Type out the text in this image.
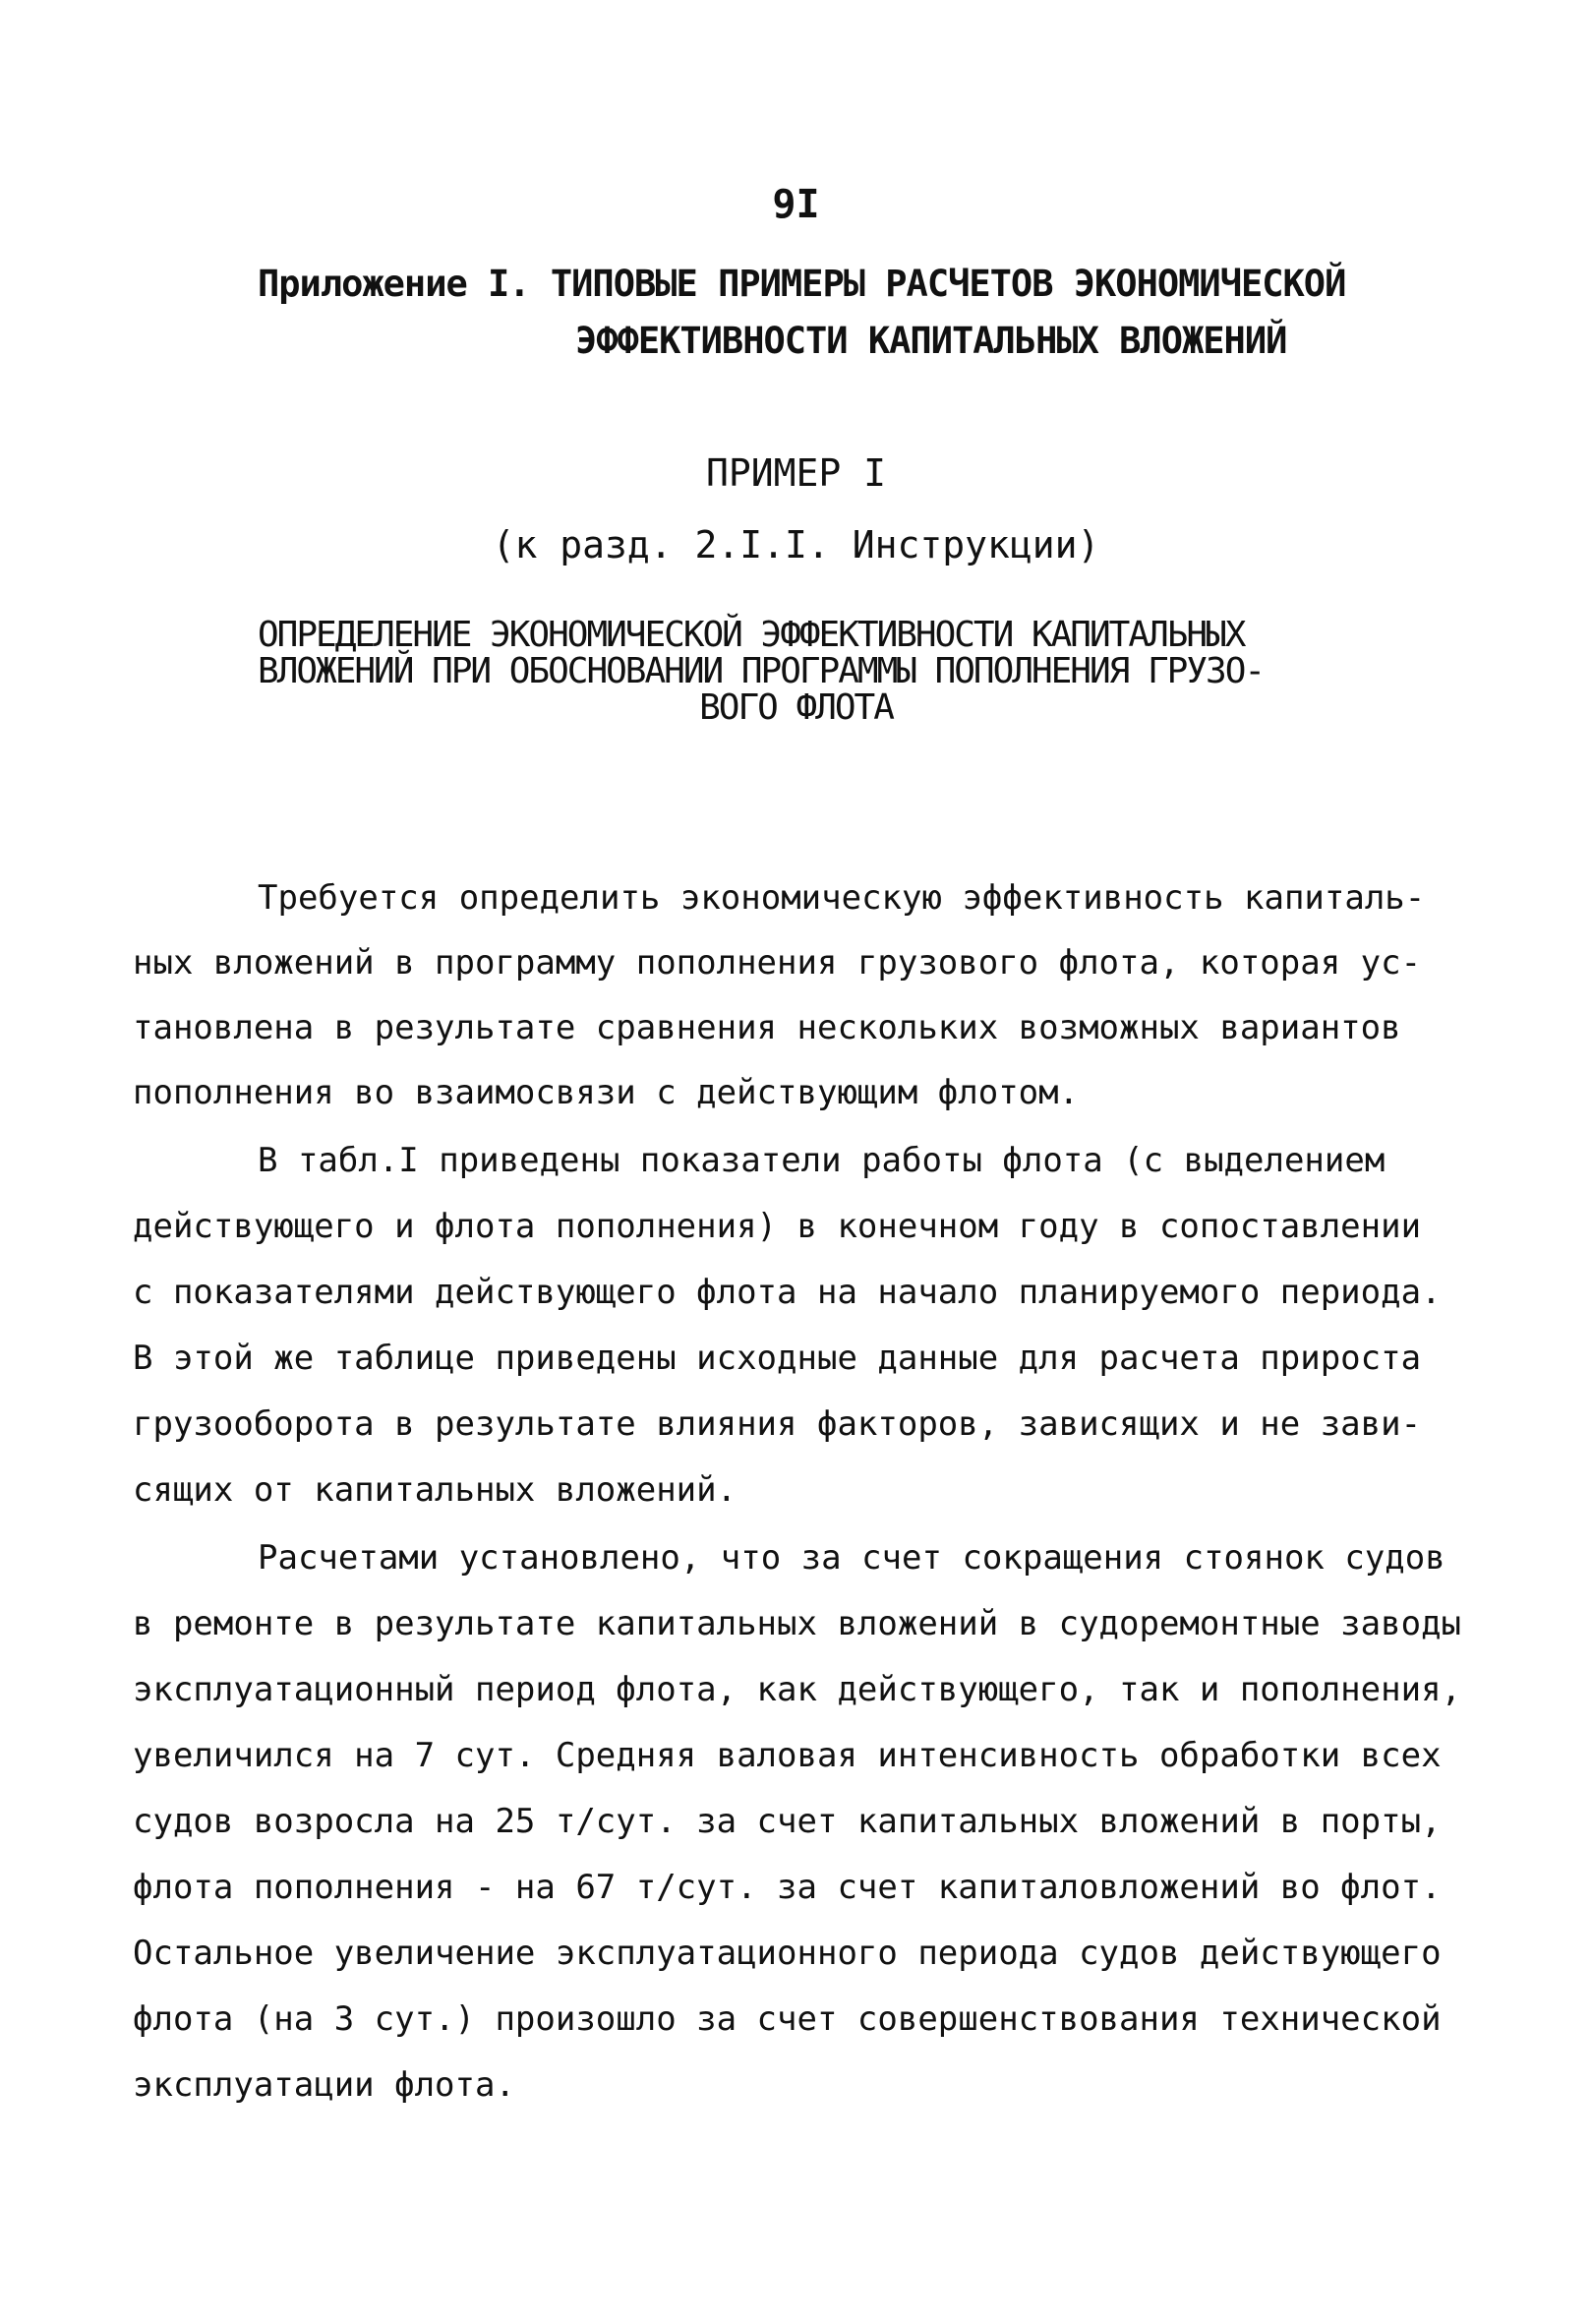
9I

Приложение I. ТИПОВЫЕ ПРИМЕРЫ РАСЧЕТОВ ЭКОНОМИЧЕСКОЙ

ЭФФЕКТИВНОСТИ КАПИТАЛЬНЫХ ВЛОЖЕНИЙ

ПРИМЕР I

(к разд. 2.I.I. Инструкции)

ОПРЕДЕЛЕНИЕ ЭКОНОМИЧЕСКОЙ ЭФФЕКТИВНОСТИ КАПИТАЛЬНЫХ

ВЛОЖЕНИЙ ПРИ ОБОСНОВАНИИ ПРОГРАММЫ ПОПОЛНЕНИЯ ГРУЗО-

ВОГО ФЛОТА

Требуется определить экономическую эффективность капиталь-

ных вложений в программу пополнения грузового флота, которая ус-

тановлена в результате сравнения нескольких возможных вариантов

пополнения во взаимосвязи с действующим флотом.

В табл.I приведены показатели работы флота (с выделением

действующего и флота пополнения) в конечном году в сопоставлении

с показателями действующего флота на начало планируемого периода.

В этой же таблице приведены исходные данные для расчета прироста

грузооборота в результате влияния факторов, зависящих и не зави-

сящих от капитальных вложений.

Расчетами установлено, что за счет сокращения стоянок судов

в ремонте в результате капитальных вложений в судоремонтные заводы

эксплуатационный период флота, как действующего, так и пополнения,

увеличился на 7 сут. Средняя валовая интенсивность обработки всех

судов возросла на 25 т/сут. за счет капитальных вложений в порты,

флота пополнения - на 67 т/сут. за счет капиталовложений во флот.

Остальное увеличение эксплуатационного периода судов действующего

флота (на 3 сут.) произошло за счет совершенствования технической

эксплуатации флота.
